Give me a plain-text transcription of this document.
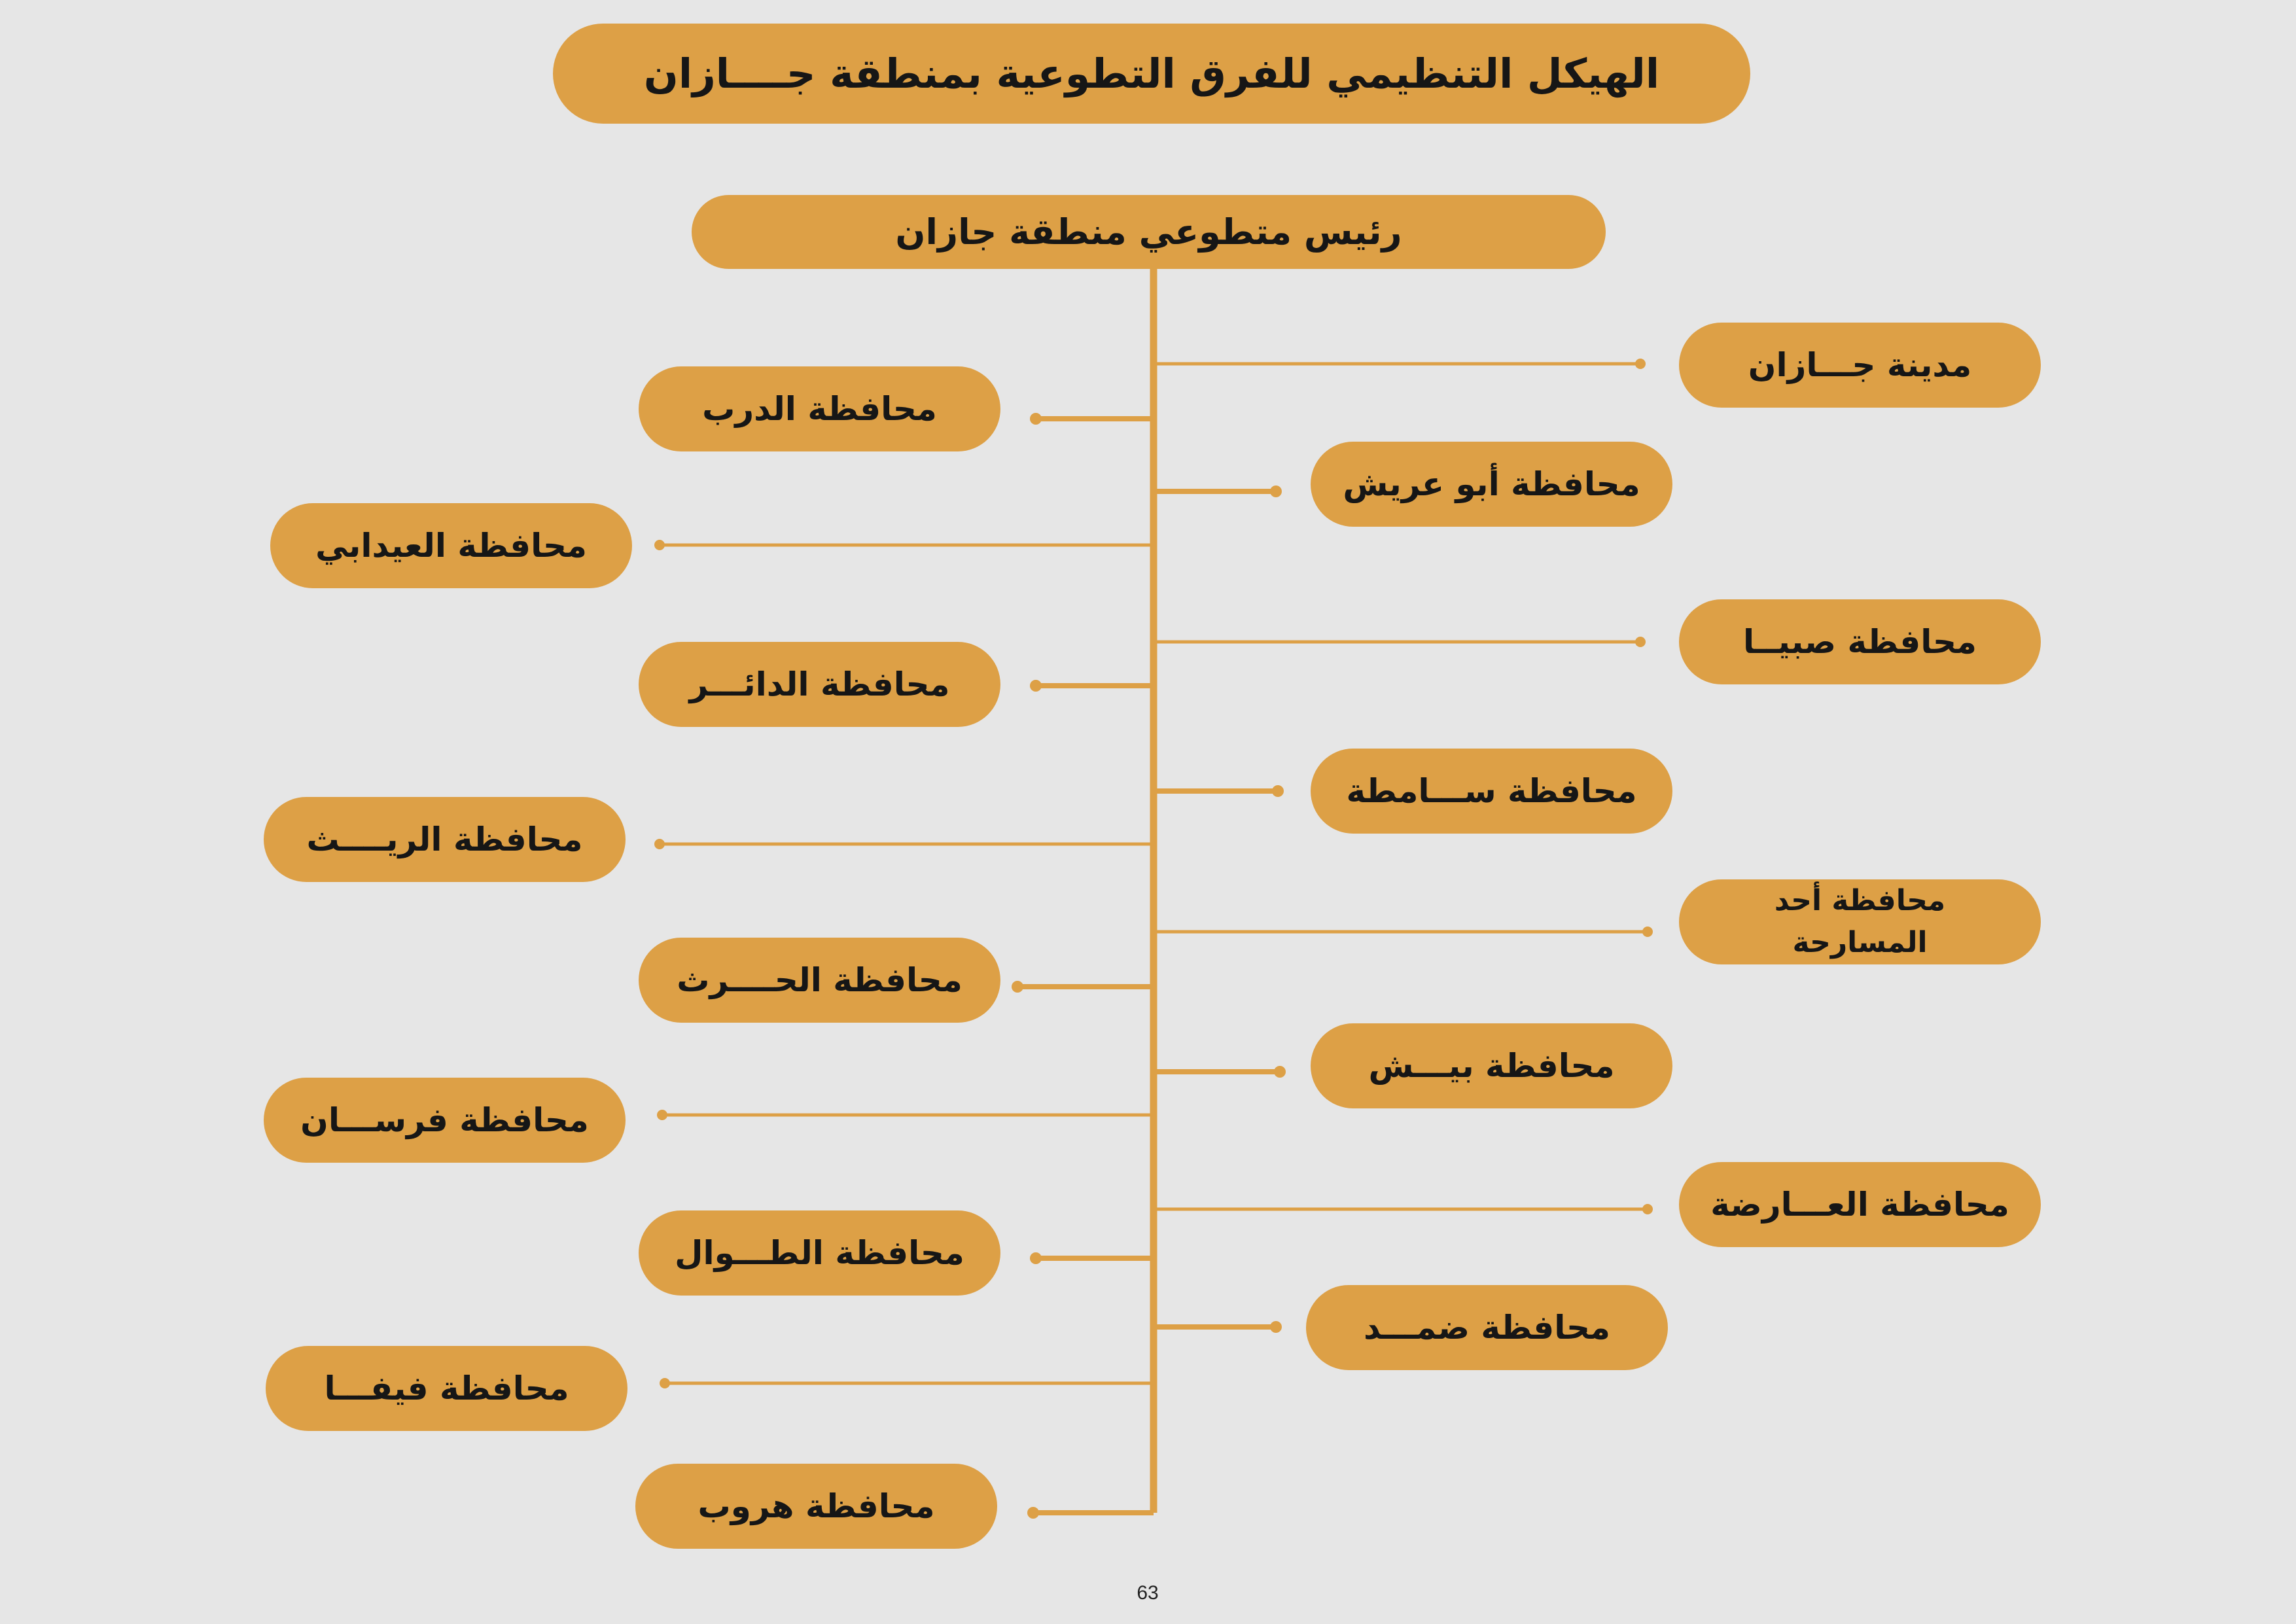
الهيكل التنظيمي للفرق التطوعية بمنطقة جــــازان
رئيس متطوعي منطقة جازان
مدينة جـــازان
محافظة أبو عريش
محافظة صبيــا
محافظة ســـامطة
محافظة أحد المسارحة
محافظة بيـــش
محافظة العـــارضة
محافظة ضمـــد
محافظة الدرب
محافظة العيدابي
محافظة الدائـــر
محافظة الريــــث
محافظة الحــــرث
محافظة فرســـان
محافظة الطـــوال
محافظة فيفـــا
محافظة هروب
63
